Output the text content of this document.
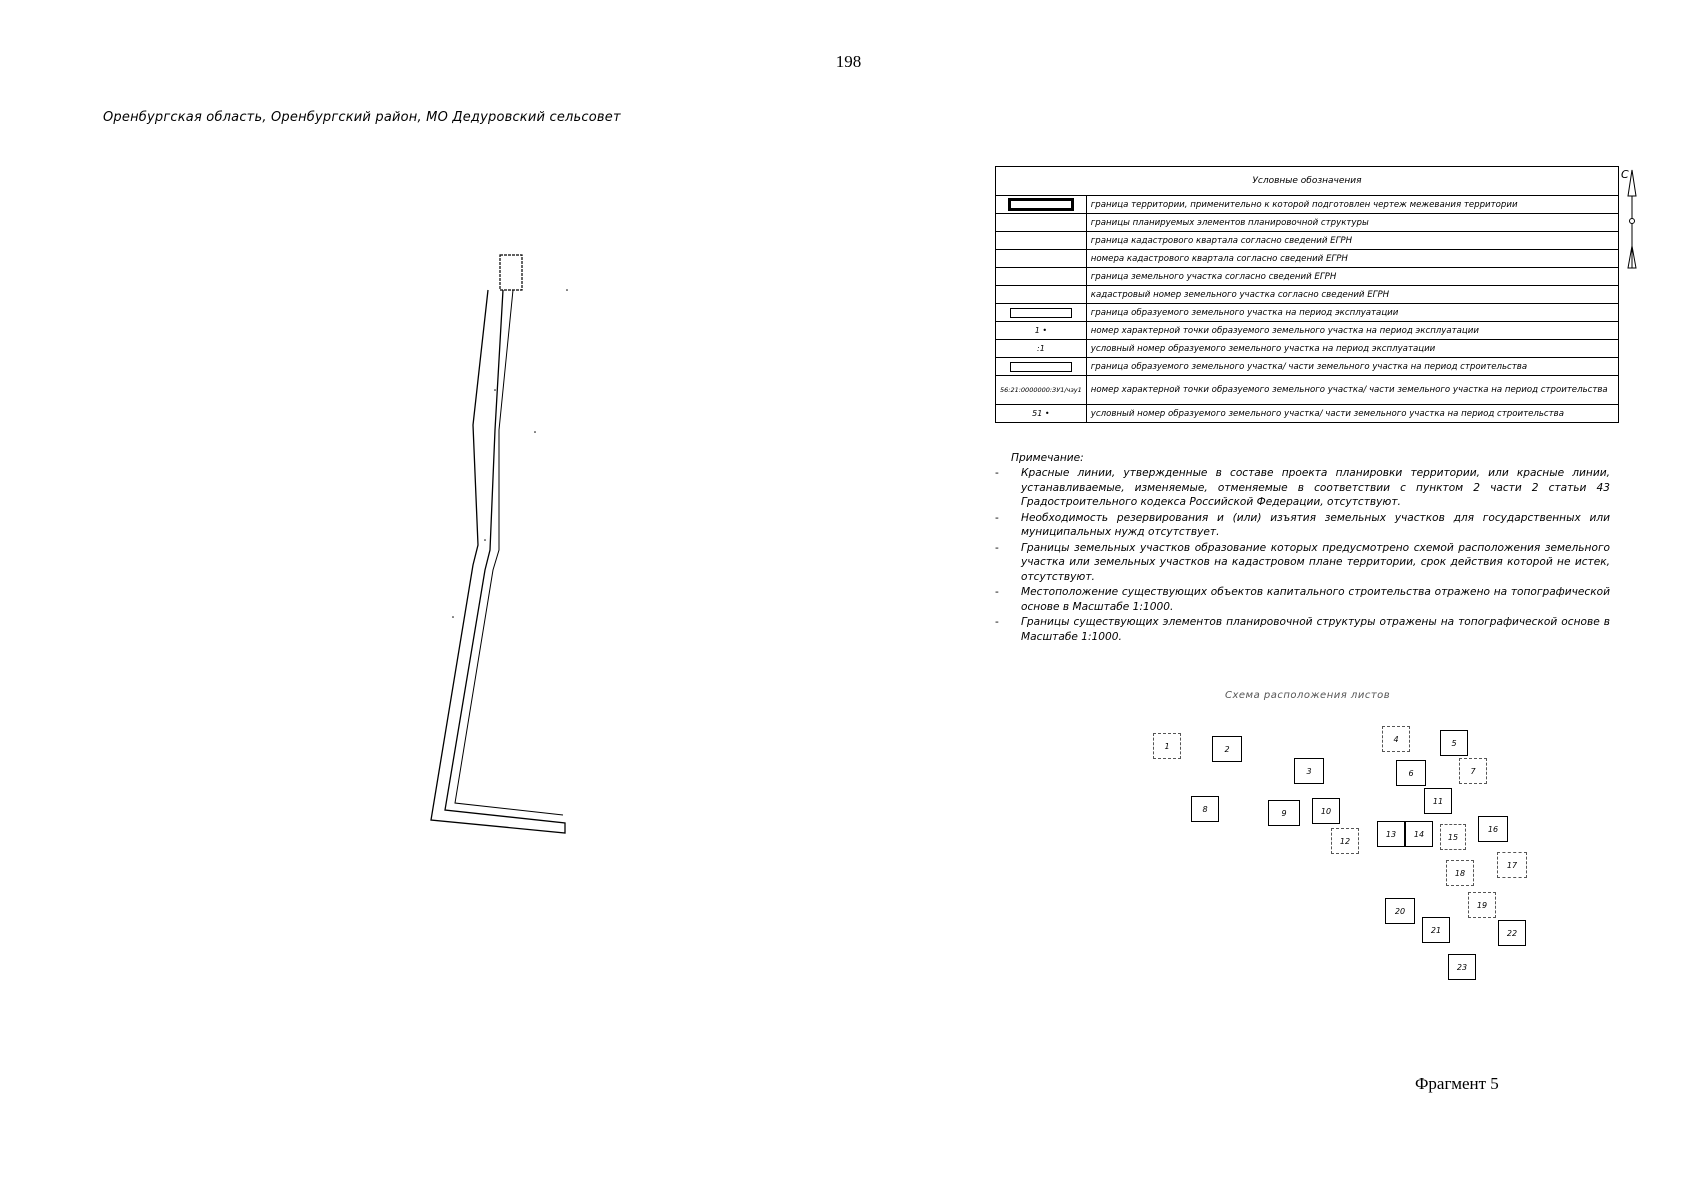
198
Оренбургская область, Оренбургский район, МО Дедуровский сельсовет
Условные обозначения	
	граница территории, применительно к которой подготовлен чертеж межевания территории
	границы планируемых элементов планировочной структуры
	граница кадастрового квартала согласно сведений ЕГРН
	номера кадастрового квартала согласно сведений ЕГРН
	граница земельного участка согласно сведений ЕГРН
	кадастровый номер земельного участка согласно сведений ЕГРН
	граница образуемого земельного участка на период эксплуатации
1 •	номер характерной точки образуемого земельного участка на период эксплуатации
:1	условный номер образуемого земельного участка на период эксплуатации
	граница образуемого земельного участка/ части земельного участка на период строительства
56:21:0000000:ЗУ1/чзу1	номер характерной точки образуемого земельного участка/ части земельного участка на период строительства
51 •	условный номер образуемого земельного участка/ части земельного участка на период строительства
С
Примечание:
- Красные линии, утвержденные в составе проекта планировки территории, или красные линии, устанавливаемые, изменяемые, отменяемые в соответствии с пунктом 2 части 2 статьи 43 Градостроительного кодекса Российской Федерации, отсутствуют.
- Необходимость резервирования и (или) изъятия земельных участков для государственных или муниципальных нужд отсутствует.
- Границы земельных участков образование которых предусмотрено схемой расположения земельного участка или земельных участков на кадастровом плане территории, срок действия которой не истек, отсутствуют.
- Местоположение существующих объектов капитального строительства отражено на топографической основе в Масштабе 1:1000.
- Границы существующих элементов планировочной структуры отражены на топографической основе в Масштабе 1:1000.
Схема расположения листов
1	2
3
4	5
6	7
8	9	10
11
12
13	14	15
16
17
18
19
20
21	22
23
Фрагмент 5
